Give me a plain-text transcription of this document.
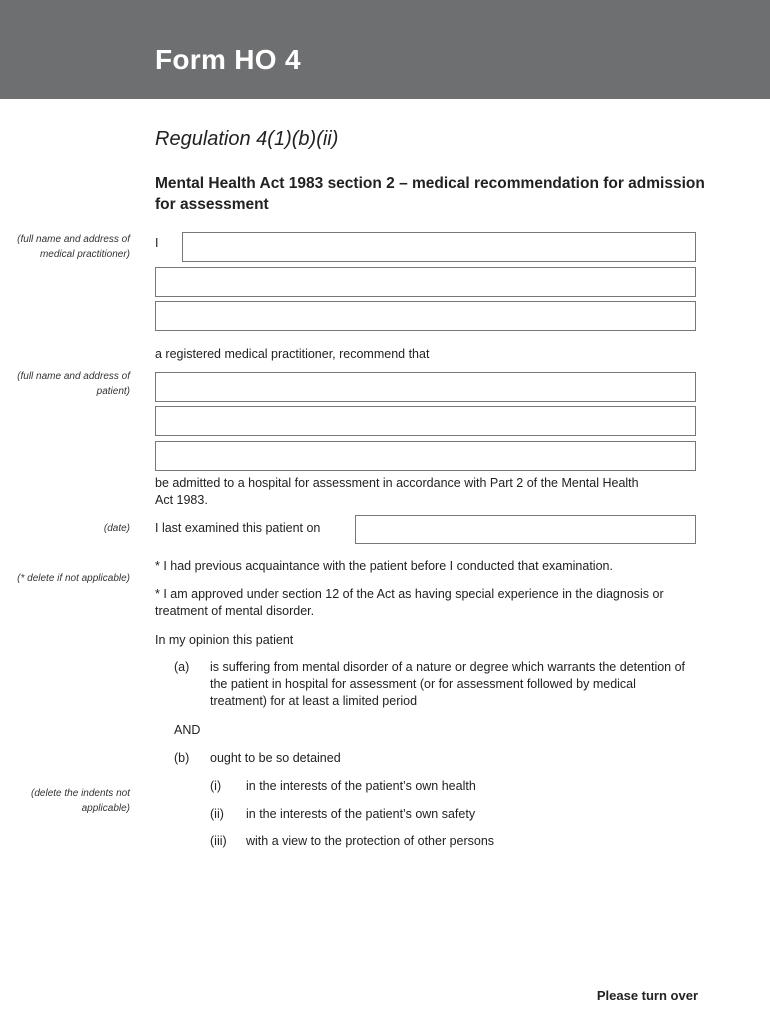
Form HO 4
Regulation 4(1)(b)(ii)
Mental Health Act 1983 section 2 – medical recommendation for admission for assessment
(full name and address of medical practitioner)
I
a registered medical practitioner, recommend that
(full name and address of patient)
be admitted to a hospital for assessment in accordance with Part 2 of the Mental Health Act 1983.
(date) I last examined this patient on
(* delete if not applicable)
* I had previous acquaintance with the patient before I conducted that examination.
* I am approved under section 12 of the Act as having special experience in the diagnosis or treatment of mental disorder.
In my opinion this patient
(a) is suffering from mental disorder of a nature or degree which warrants the detention of the patient in hospital for assessment (or for assessment followed by medical treatment) for at least a limited period
AND
(b) ought to be so detained
(delete the indents not applicable)
(i) in the interests of the patient’s own health
(ii) in the interests of the patient’s own safety
(iii) with a view to the protection of other persons
Please turn over
